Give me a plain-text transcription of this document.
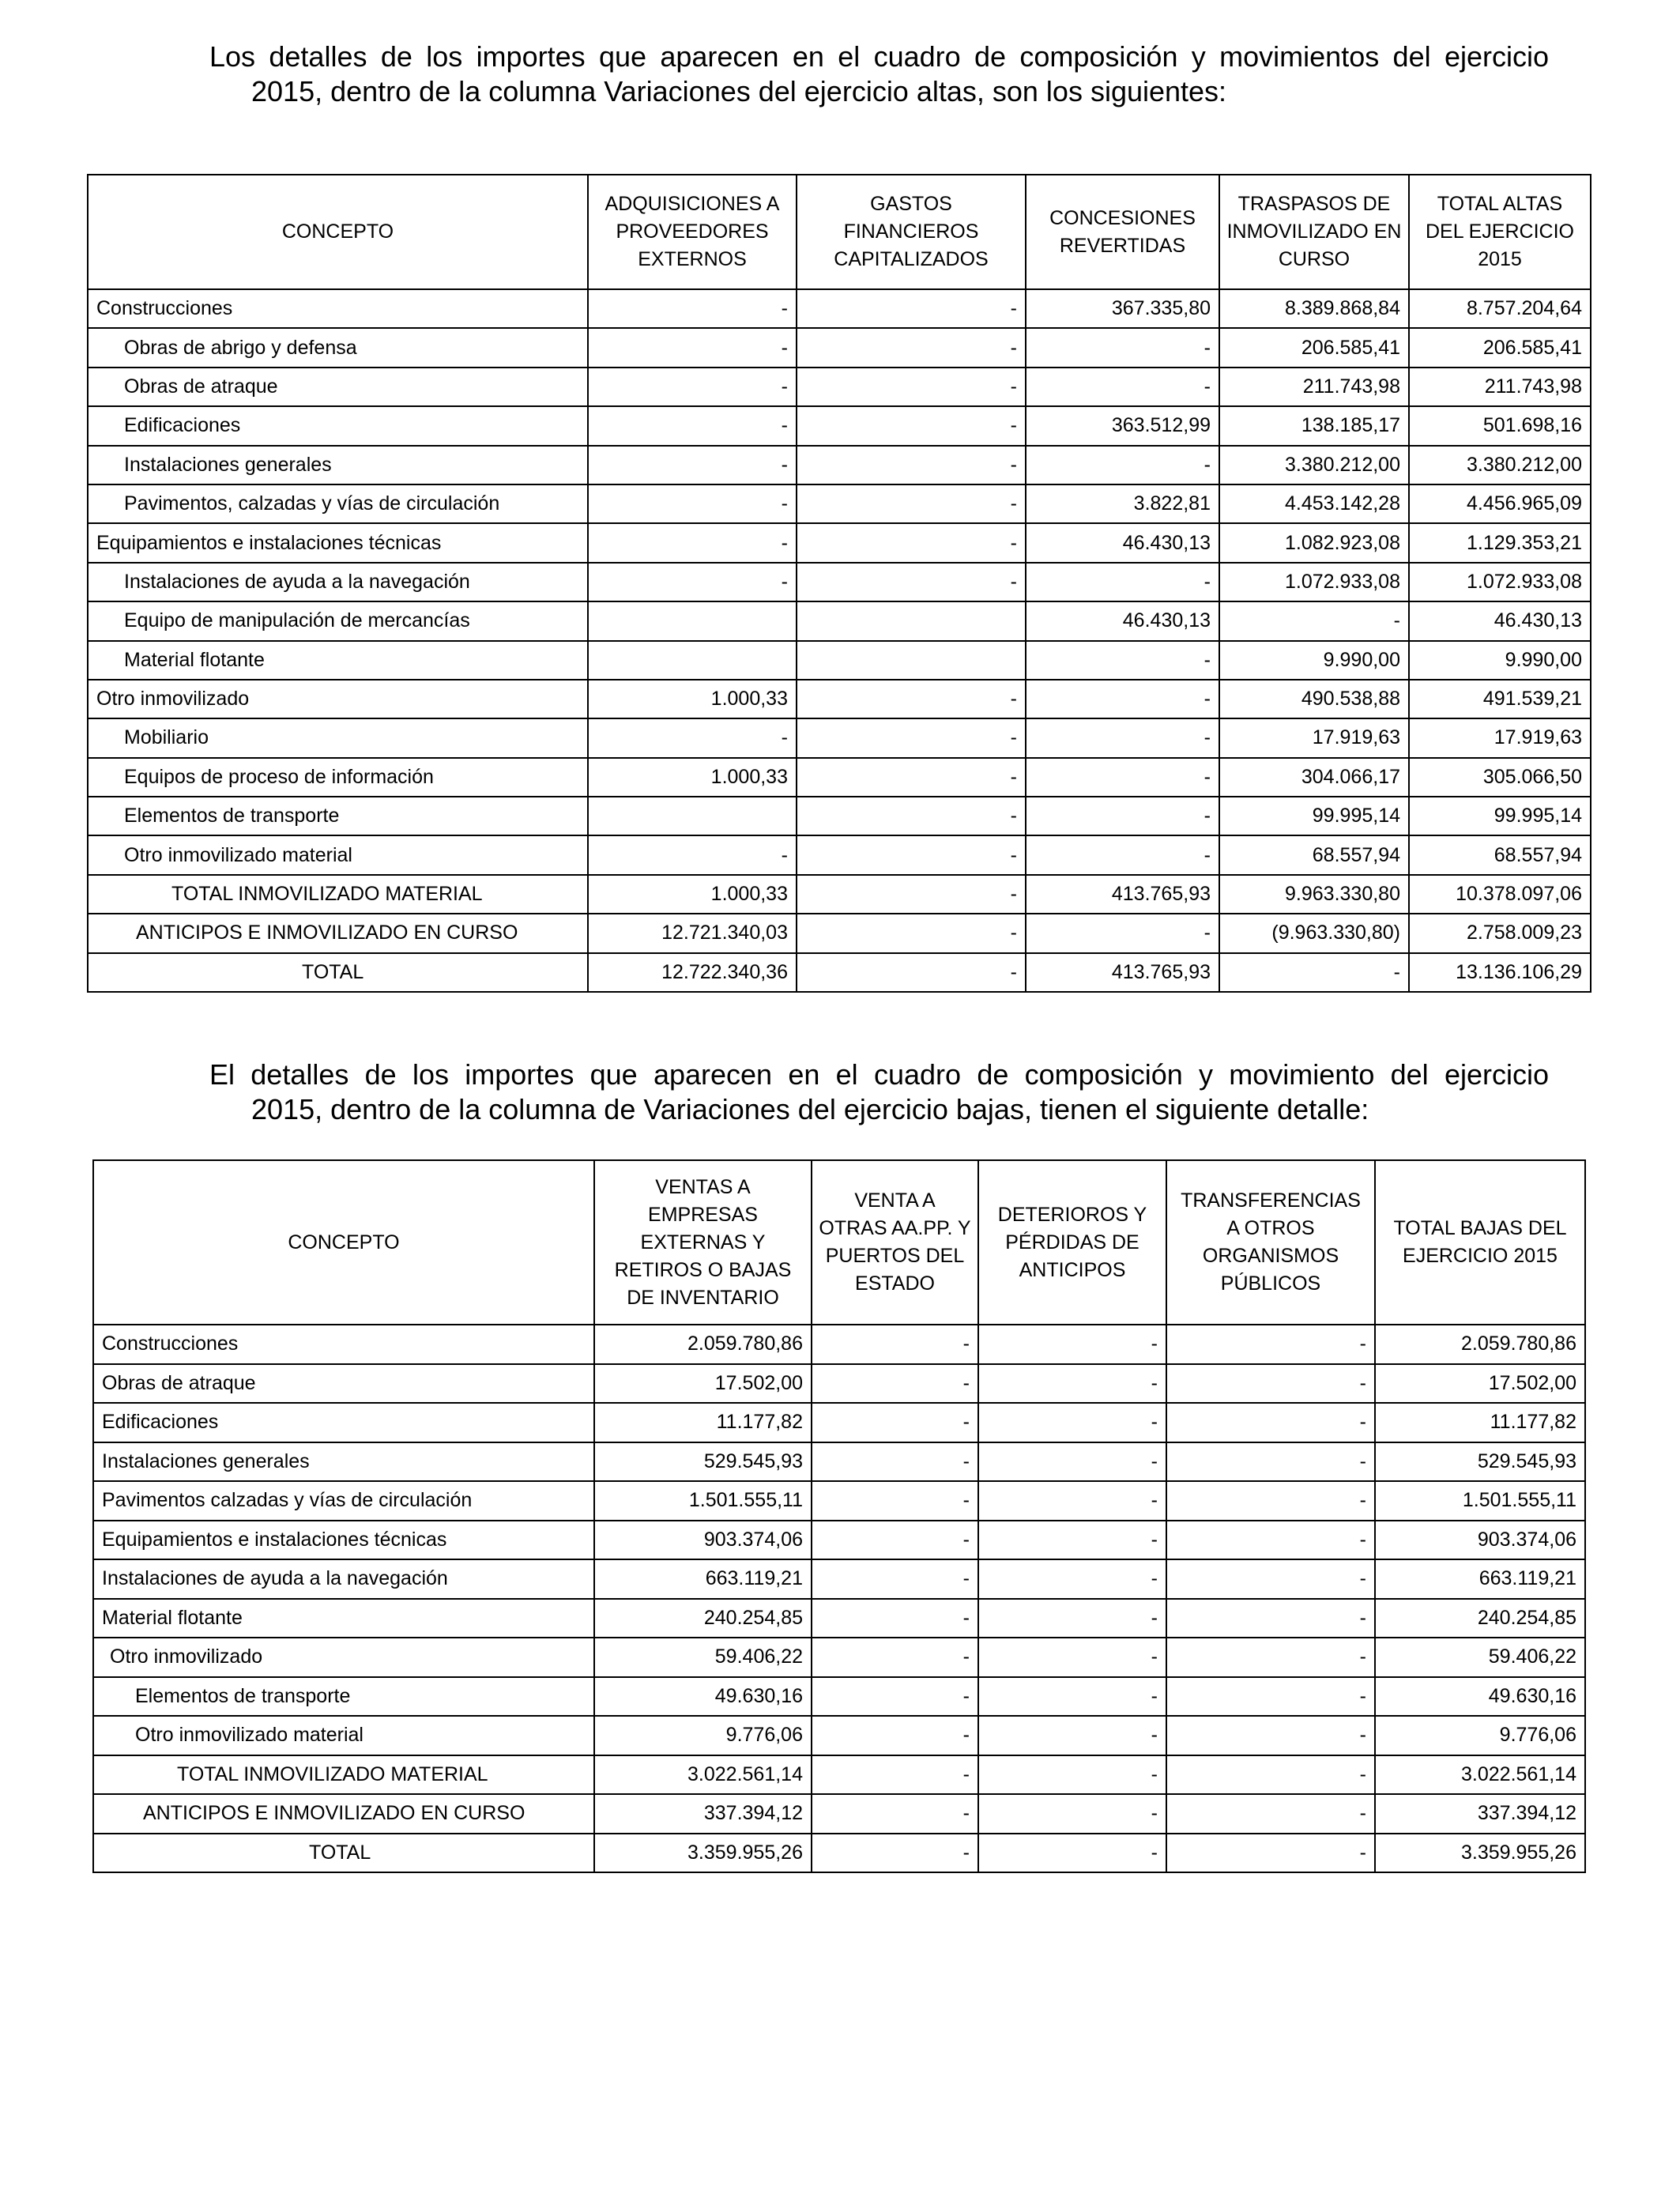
Los detalles de los importes que aparecen en el cuadro de composición y movimientos del ejercicio
2015, dentro de la columna Variaciones del ejercicio altas, son los siguientes:
CONCEPTO	ADQUISICIONES A PROVEEDORES EXTERNOS	GASTOS FINANCIEROS CAPITALIZADOS	CONCESIONES REVERTIDAS	TRASPASOS DE INMOVILIZADO EN CURSO	TOTAL ALTAS DEL EJERCICIO 2015
Construcciones	-	-	367.335,80	8.389.868,84	8.757.204,64
Obras de abrigo y defensa	-	-	-	206.585,41	206.585,41
Obras de atraque	-	-	-	211.743,98	211.743,98
Edificaciones	-	-	363.512,99	138.185,17	501.698,16
Instalaciones generales	-	-	-	3.380.212,00	3.380.212,00
Pavimentos, calzadas y vías de circulación	-	-	3.822,81	4.453.142,28	4.456.965,09
Equipamientos e instalaciones técnicas	-	-	46.430,13	1.082.923,08	1.129.353,21
Instalaciones de ayuda a la navegación	-	-	-	1.072.933,08	1.072.933,08
Equipo de manipulación de mercancías			46.430,13	-	46.430,13
Material flotante			-	9.990,00	9.990,00
Otro inmovilizado	1.000,33	-	-	490.538,88	491.539,21
Mobiliario	-	-	-	17.919,63	17.919,63
Equipos de proceso de información	1.000,33	-	-	304.066,17	305.066,50
Elementos de transporte		-	-	99.995,14	99.995,14
Otro inmovilizado material	-	-	-	68.557,94	68.557,94
TOTAL INMOVILIZADO MATERIAL	1.000,33	-	413.765,93	9.963.330,80	10.378.097,06
ANTICIPOS E INMOVILIZADO EN CURSO	12.721.340,03	-	-	(9.963.330,80)	2.758.009,23
TOTAL	12.722.340,36	-	413.765,93	-	13.136.106,29
El detalles de los importes que aparecen en el cuadro de composición y movimiento del ejercicio
2015, dentro de la columna de Variaciones del ejercicio bajas, tienen el siguiente detalle:
CONCEPTO	VENTAS A EMPRESAS EXTERNAS Y RETIROS O BAJAS DE INVENTARIO	VENTA A OTRAS AA.PP. Y PUERTOS DEL ESTADO	DETERIOROS Y PÉRDIDAS DE ANTICIPOS	TRANSFERENCIAS A OTROS ORGANISMOS PÚBLICOS	TOTAL BAJAS DEL EJERCICIO 2015
Construcciones	2.059.780,86	-	-	-	2.059.780,86
Obras de atraque	17.502,00	-	-	-	17.502,00
Edificaciones	11.177,82	-	-	-	11.177,82
Instalaciones generales	529.545,93	-	-	-	529.545,93
Pavimentos calzadas y vías de circulación	1.501.555,11	-	-	-	1.501.555,11
Equipamientos e instalaciones técnicas	903.374,06	-	-	-	903.374,06
Instalaciones de ayuda a la navegación	663.119,21	-	-	-	663.119,21
Material flotante	240.254,85	-	-	-	240.254,85
Otro inmovilizado	59.406,22	-	-	-	59.406,22
Elementos de transporte	49.630,16	-	-	-	49.630,16
Otro inmovilizado material	9.776,06	-	-	-	9.776,06
TOTAL INMOVILIZADO MATERIAL	3.022.561,14	-	-	-	3.022.561,14
ANTICIPOS E INMOVILIZADO EN CURSO	337.394,12	-	-	-	337.394,12
TOTAL	3.359.955,26	-	-	-	3.359.955,26
